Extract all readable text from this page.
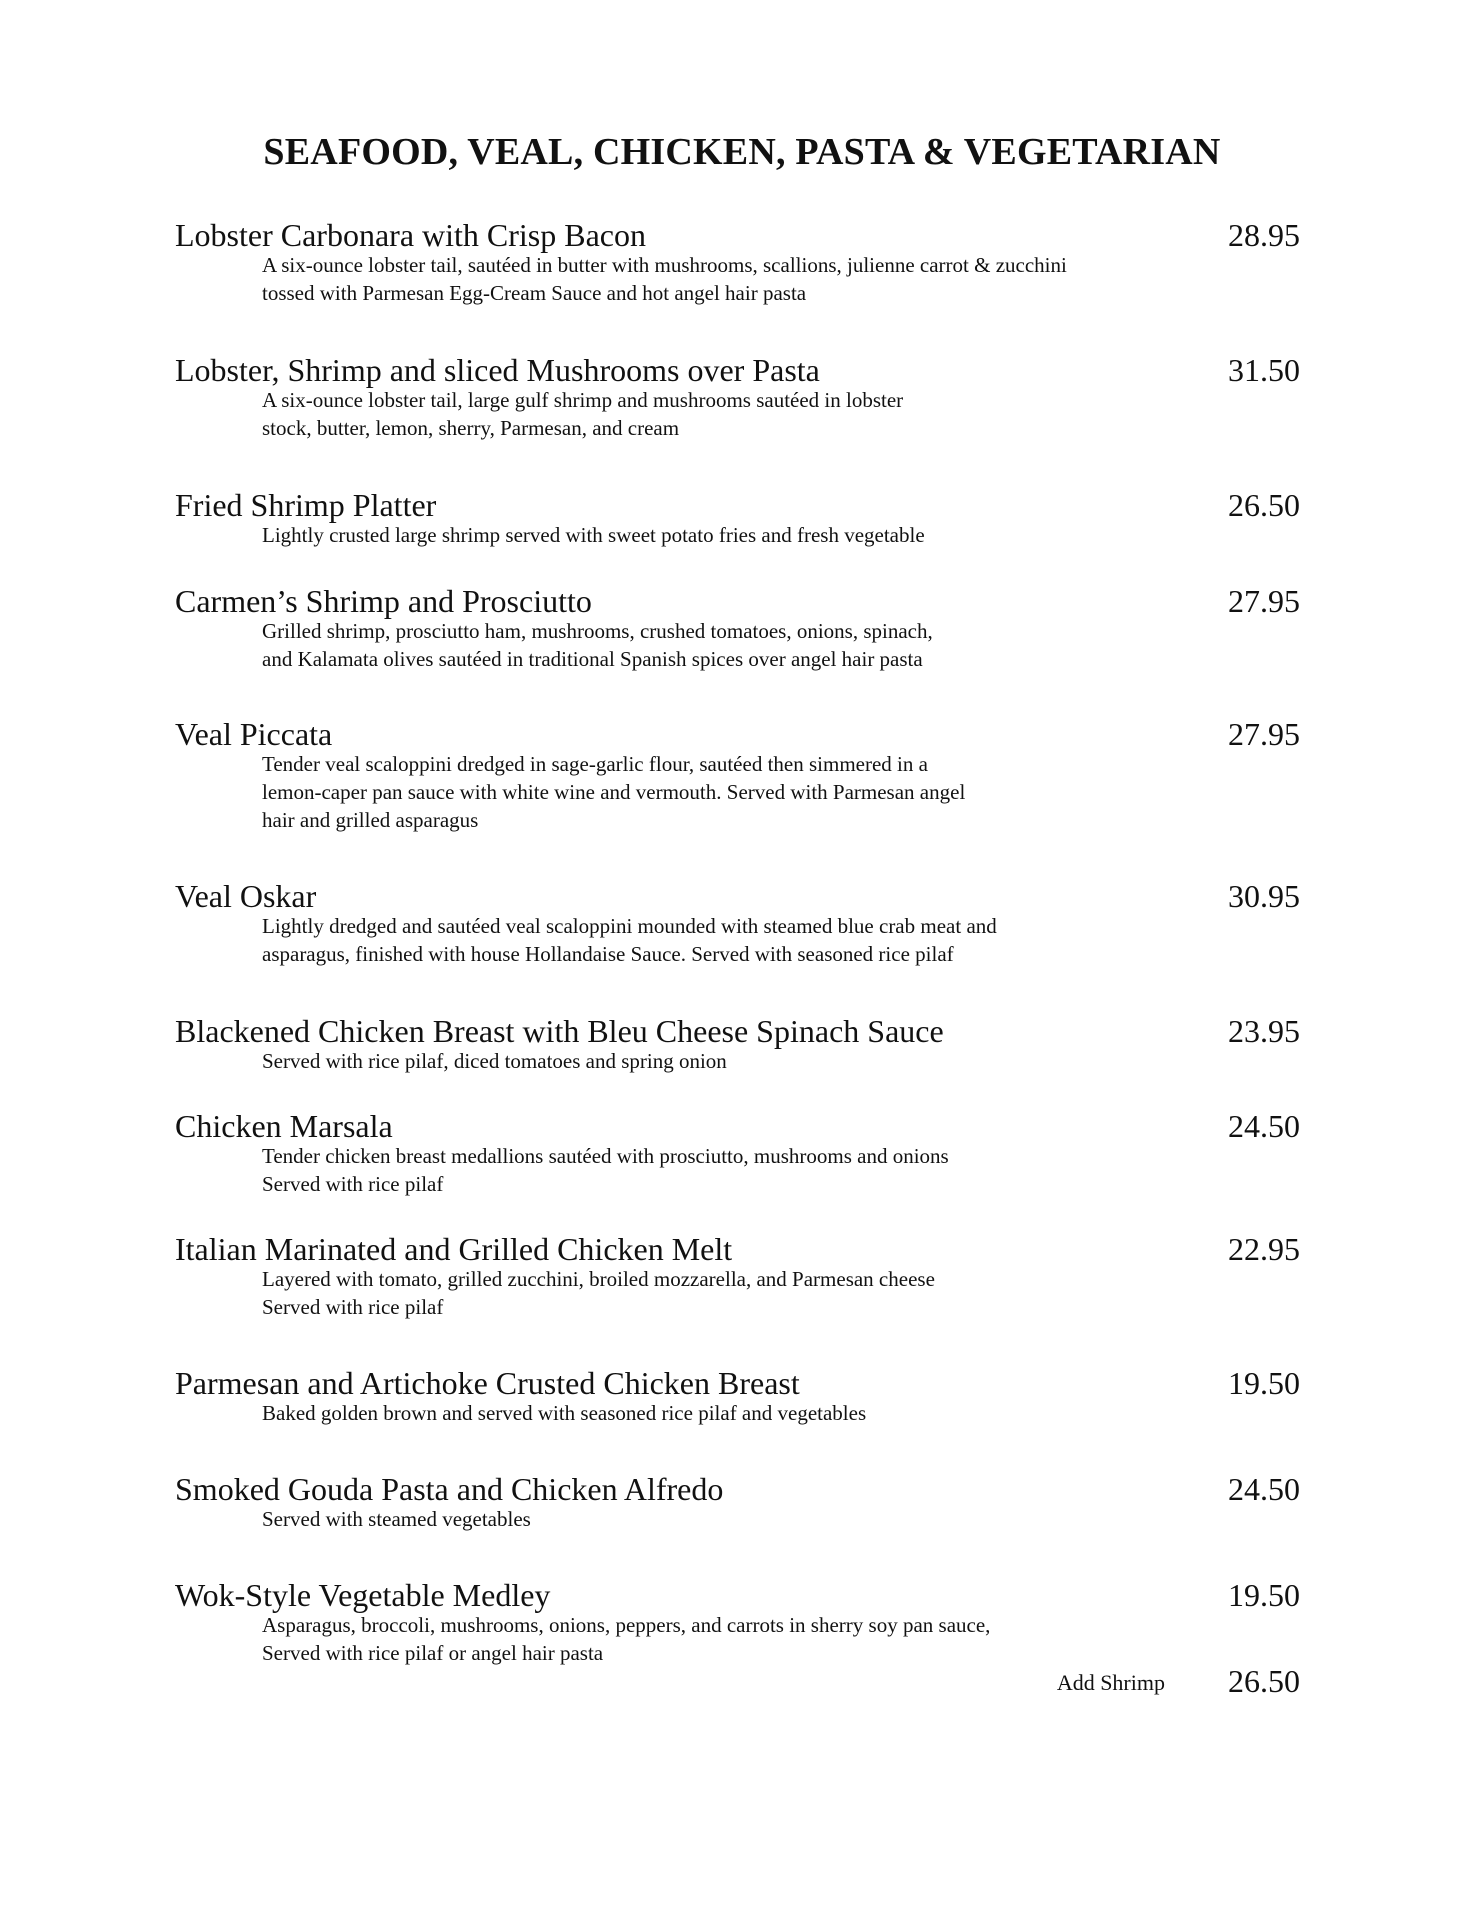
SEAFOOD, VEAL, CHICKEN, PASTA & VEGETARIAN
Lobster Carbonara with Crisp Bacon	28.95
A six-ounce lobster tail, sautéed in butter with mushrooms, scallions, julienne carrot & zucchini
tossed with Parmesan Egg-Cream Sauce and hot angel hair pasta
Lobster, Shrimp and sliced Mushrooms over Pasta	31.50
A six-ounce lobster tail, large gulf shrimp and mushrooms sautéed in lobster
stock, butter, lemon, sherry, Parmesan, and cream
Fried Shrimp Platter	26.50
Lightly crusted large shrimp served with sweet potato fries and fresh vegetable
Carmen’s Shrimp and Prosciutto	27.95
Grilled shrimp, prosciutto ham, mushrooms, crushed tomatoes, onions, spinach,
and Kalamata olives sautéed in traditional Spanish spices over angel hair pasta
Veal Piccata	27.95
Tender veal scaloppini dredged in sage-garlic flour, sautéed then simmered in a
lemon-caper pan sauce with white wine and vermouth. Served with Parmesan angel
hair and grilled asparagus
Veal Oskar	30.95
Lightly dredged and sautéed veal scaloppini mounded with steamed blue crab meat and
asparagus, finished with house Hollandaise Sauce. Served with seasoned rice pilaf
Blackened Chicken Breast with Bleu Cheese Spinach Sauce	23.95
Served with rice pilaf, diced tomatoes and spring onion
Chicken Marsala	24.50
Tender chicken breast medallions sautéed with prosciutto, mushrooms and onions
Served with rice pilaf
Italian Marinated and Grilled Chicken Melt	22.95
Layered with tomato, grilled zucchini, broiled mozzarella, and Parmesan cheese
Served with rice pilaf
Parmesan and Artichoke Crusted Chicken Breast	19.50
Baked golden brown and served with seasoned rice pilaf and vegetables
Smoked Gouda Pasta and Chicken Alfredo	24.50
Served with steamed vegetables
Wok-Style Vegetable Medley	19.50
Asparagus, broccoli, mushrooms, onions, peppers, and carrots in sherry soy pan sauce,
Served with rice pilaf or angel hair pasta
Add Shrimp 26.50
